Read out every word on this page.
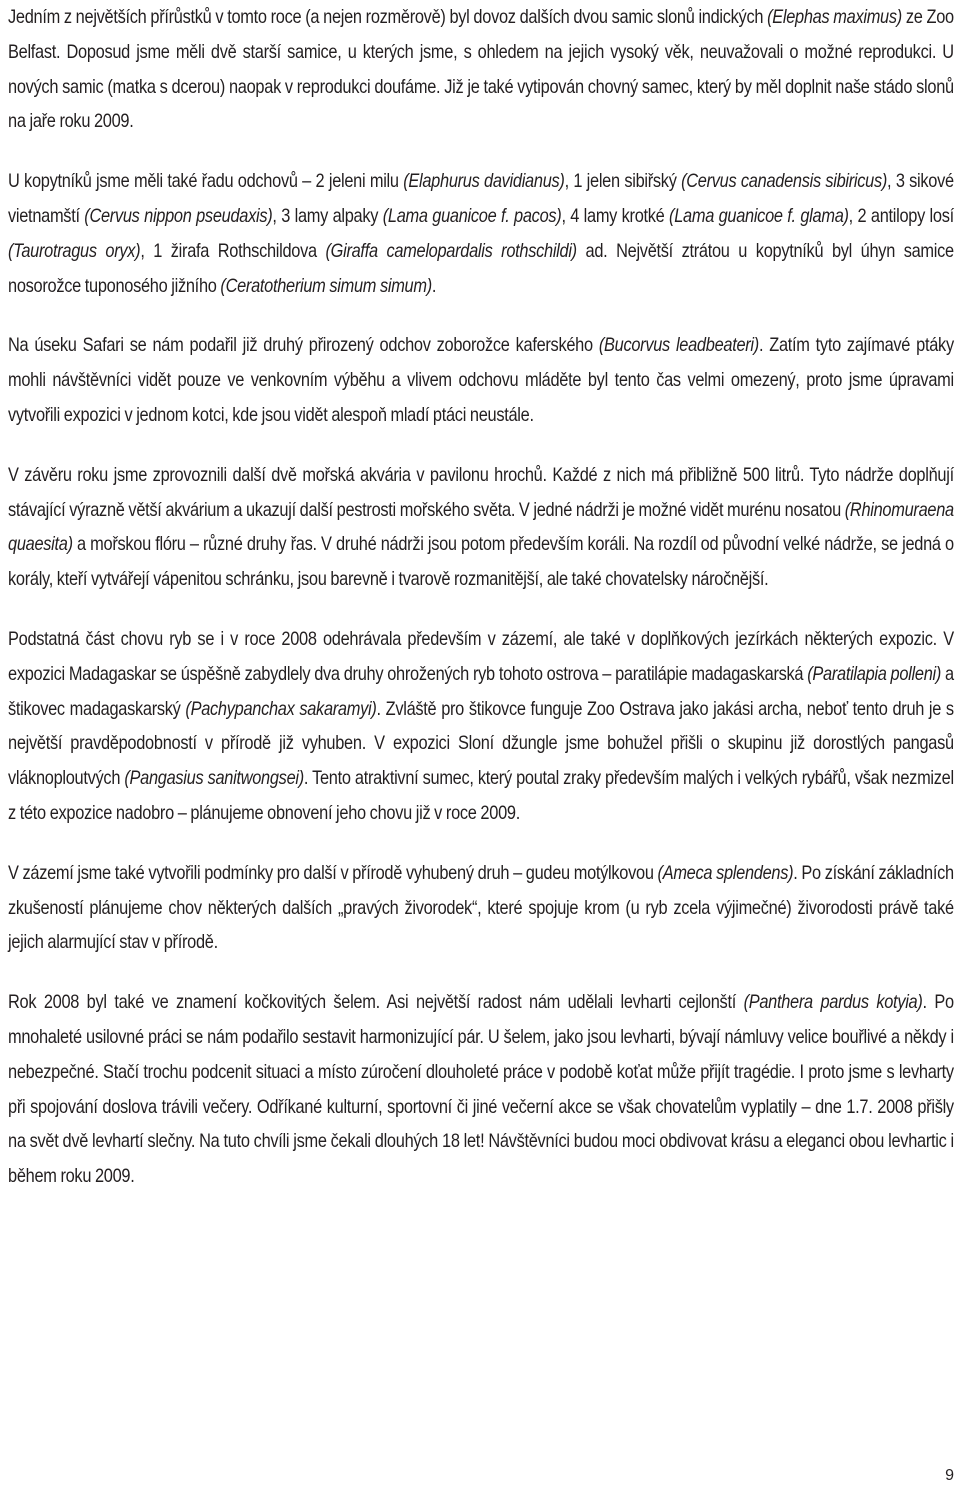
Jedním z největších přírůstků v tomto roce (a nejen rozměrově) byl dovoz dalších dvou samic slonů indických (Elephas maximus) ze Zoo Belfast. Doposud jsme měli dvě starší samice, u kterých jsme, s ohledem na jejich vysoký věk, neuvažovali o možné reprodukci. U nových samic (matka s dcerou) naopak v reprodukci doufáme. Již je také vytipován chovný samec, který by měl doplnit naše stádo slonů na jaře roku 2009.

U kopytníků jsme měli také řadu odchovů – 2 jeleni milu (Elaphurus davidianus), 1 jelen sibiřský (Cervus canadensis sibiricus), 3 sikové vietnamští (Cervus nippon pseudaxis), 3 lamy alpaky (Lama guanicoe f. pacos), 4 lamy krotké (Lama guanicoe f. glama), 2 antilopy losí (Taurotragus oryx), 1 žirafa Rothschildova (Giraffa camelopardalis rothschildi) ad. Největší ztrátou u kopytníků byl úhyn samice nosorožce tuponosého jižního (Ceratotherium simum simum).

Na úseku Safari se nám podařil již druhý přirozený odchov zoborožce kaferského (Bucorvus leadbeateri). Zatím tyto zajímavé ptáky mohli návštěvníci vidět pouze ve venkovním výběhu a vlivem odchovu mláděte byl tento čas velmi omezený, proto jsme úpravami vytvořili expozici v jednom kotci, kde jsou vidět alespoň mladí ptáci neustále.

V závěru roku jsme zprovoznili další dvě mořská akvária v pavilonu hrochů. Každé z nich má přibližně 500 litrů. Tyto nádrže doplňují stávající výrazně větší akvárium a ukazují další pestrosti mořského světa. V jedné nádrži je možné vidět murénu nosatou (Rhinomuraena quaesita) a mořskou flóru – různé druhy řas. V druhé nádrži jsou potom především koráli. Na rozdíl od původní velké nádrže, se jedná o korály, kteří vytvářejí vápenitou schránku, jsou barevně i tvarově rozmanitější, ale také chovatelsky náročnější.

Podstatná část chovu ryb se i v roce 2008 odehrávala především v zázemí, ale také v doplňkových jezírkách některých expozic. V expozici Madagaskar se úspěšně zabydlely dva druhy ohrožených ryb tohoto ostrova – paratilápie madagaskarská (Paratilapia polleni) a štikovec madagaskarský (Pachypanchax sakaramyi). Zvláště pro štikovce funguje Zoo Ostrava jako jakási archa, neboť tento druh je s největší pravděpodobností v přírodě již vyhuben. V expozici Sloní džungle jsme bohužel přišli o skupinu již dorostlých pangasů vláknoploutvých (Pangasius sanitwongsei). Tento atraktivní sumec, který poutal zraky především malých i velkých rybářů, však nezmizel z této expozice nadobro – plánujeme obnovení jeho chovu již v roce 2009.

V zázemí jsme také vytvořili podmínky pro další v přírodě vyhubený druh – gudeu motýlkovou (Ameca splendens). Po získání základních zkušeností plánujeme chov některých dalších „pravých živorodek“, které spojuje krom (u ryb zcela výjimečné) živorodosti právě také jejich alarmující stav v přírodě.

Rok 2008 byl také ve znamení kočkovitých šelem. Asi největší radost nám udělali levharti cejlonští (Panthera pardus kotyia). Po mnohaleté usilovné práci se nám podařilo sestavit harmonizující pár. U šelem, jako jsou levharti, bývají námluvy velice bouřlivé a někdy i nebezpečné. Stačí trochu podcenit situaci a místo zúročení dlouholeté práce v podobě koťat může přijít tragédie. I proto jsme s levharty při spojování doslova trávili večery. Odříkané kulturní, sportovní či jiné večerní akce se však chovatelům vyplatily – dne 1.7. 2008 přišly na svět dvě levhartí slečny. Na tuto chvíli jsme čekali dlouhých 18 let! Návštěvníci budou moci obdivovat krásu a eleganci obou levhartic i během roku 2009.

9
